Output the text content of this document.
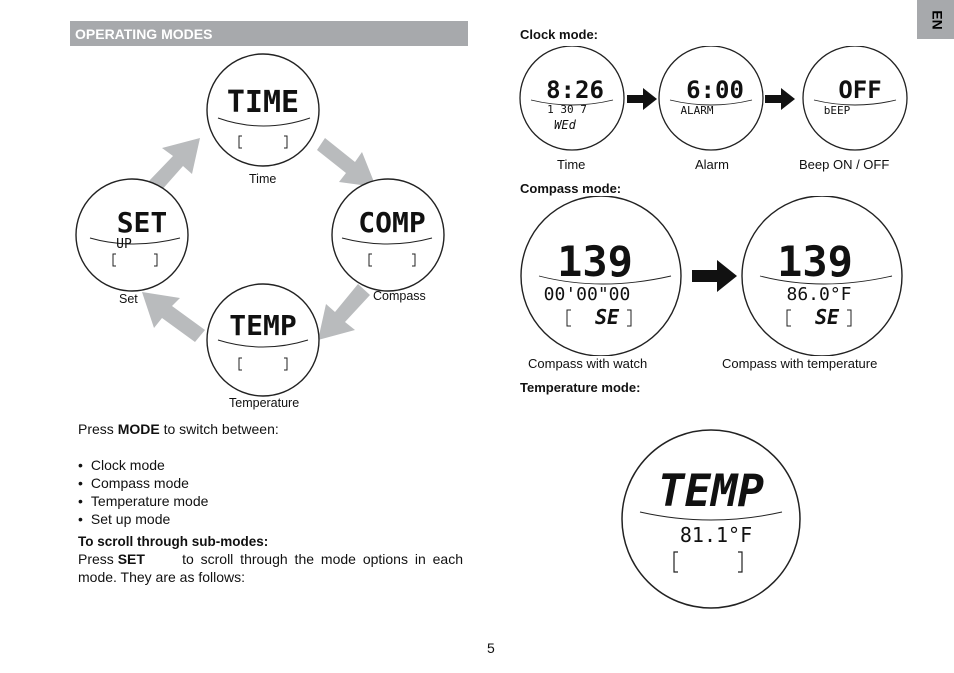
OPERATING MODES
EN
TIME
SET
UP
COMP
TEMP
Time
Set	Compass
Temperature
Press MODE to switch between:
• Clock mode
• Compass mode
• Temperature mode
• Set up mode
To scroll through sub-modes:
Press SET	to scroll through the mode options in each
mode. They are as follows:
Clock mode:
8:26
1 30 7
WEd
6:00
ALARM
OFF
bEEP
Time	Alarm	Beep ON / OFF
Compass mode:
139
00'00"00
SE
139
86.0°F
SE
Compass with watch	Compass with temperature
Temperature mode:
TEMP
81.1°F
5
